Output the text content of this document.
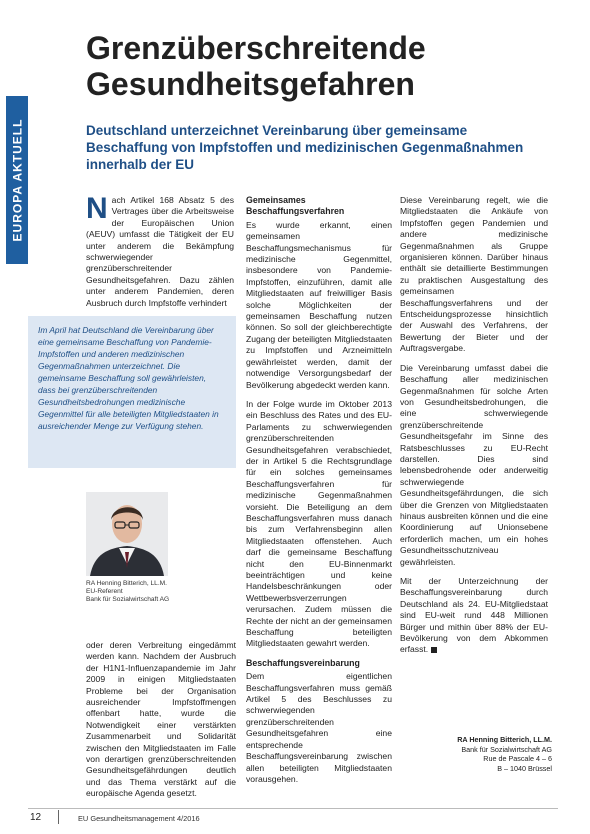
EUROPA AKTUELL
Grenzüberschreitende Gesundheitsgefahren
Deutschland unterzeichnet Vereinbarung über gemeinsame Beschaffung von Impfstoffen und medizinischen Gegenmaßnahmen innerhalb der EU

Nach Artikel 168 Absatz 5 des Vertrages über die Arbeitsweise der Europäischen Union (AEUV) umfasst die Tätigkeit der EU unter anderem die Bekämpfung schwerwiegender grenzüberschreitender Gesundheitsgefahren. Dazu zählen unter anderem Pandemien, deren Ausbruch durch Impfstoffe verhindert

Im April hat Deutschland die Vereinbarung über eine gemeinsame Beschaffung von Pandemie-Impfstoffen und anderen medizinischen Gegenmaßnahmen unterzeichnet. Die gemeinsame Beschaffung soll gewährleisten, dass bei grenzüberschreitenden Gesundheitsbedrohungen medizinische Gegenmittel für alle beteiligten Mitgliedstaaten in ausreichender Menge zur Verfügung stehen.
RA Henning Bitterich, LL.M.
EU-Referent
Bank für Sozialwirtschaft AG

oder deren Verbreitung eingedämmt werden kann. Nachdem der Ausbruch der H1N1-Influenzapandemie im Jahr 2009 in einigen Mitgliedstaaten Probleme bei der Organisation ausreichender Impfstoffmengen offenbart hatte, wurde die Notwendigkeit einer verstärkten Zusammenarbeit und Solidarität zwischen den Mitgliedstaaten im Falle von derartigen grenzüberschreitenden Gesundheitsgefährdungen deutlich und das Thema verstärkt auf die europäische Agenda gesetzt.

Gemeinsames Beschaffungsverfahren

Es wurde erkannt, einen gemeinsamen Beschaffungsmechanismus für medizinische Gegenmittel, insbesondere von Pandemie-Impfstoffen, einzuführen, damit alle Mitgliedstaaten auf freiwilliger Basis solche Möglichkeiten der gemeinsamen Beschaffung nutzen können. So soll der gleichberechtigte Zugang der beteiligten Mitgliedstaaten zu Impfstoffen und Arzneimitteln gewährleistet werden, damit der notwendige Versorgungsbedarf der Bevölkerung abgedeckt werden kann.

In der Folge wurde im Oktober 2013 ein Beschluss des Rates und des EU-Parlaments zu schwerwiegenden grenzüberschreitenden Gesundheitsgefahren verabschiedet, der in Artikel 5 die Rechtsgrundlage für ein solches gemeinsames Beschaffungsverfahren für medizinische Gegenmaßnahmen vorsieht. Die Beteiligung an dem Beschaffungsverfahren muss danach bis zum Verfahrensbeginn allen Mitgliedstaaten offenstehen. Auch darf die gemeinsame Beschaffung nicht den EU-Binnenmarkt beeinträchtigen und keine Handelsbeschränkungen oder Wettbewerbsverzerrungen verursachen. Zudem müssen die Rechte der nicht an der gemeinsamen Beschaffung beteiligten Mitgliedstaaten gewahrt werden.

Beschaffungsvereinbarung

Dem eigentlichen Beschaffungsverfahren muss gemäß Artikel 5 des Beschlusses zu schwerwiegenden grenzüberschreitenden Gesundheitsgefahren eine entsprechende Beschaffungsvereinbarung zwischen allen beteiligten Mitgliedstaaten vorausgehen.

Diese Vereinbarung regelt, wie die Mitgliedstaaten die Ankäufe von Impfstoffen gegen Pandemien und andere medizinische Gegenmaßnahmen als Gruppe organisieren können. Darüber hinaus enthält sie detaillierte Bestimmungen zu praktischen Ausgestaltung des gemeinsamen Beschaffungsverfahrens und der Entscheidungsprozesse hinsichtlich der Auswahl des Verfahrens, der Bewertung der Bieter und der Auftragsvergabe.

Die Vereinbarung umfasst dabei die Beschaffung aller medizinischen Gegenmaßnahmen für solche Arten von Gesundheitsbedrohungen, die eine schwerwiegende grenzüberschreitende Gesundheitsgefahr im Sinne des Ratsbeschlusses zu EU-Recht darstellen. Dies sind lebensbedrohende oder anderweitig schwerwiegende Gesundheitsgefährdungen, die sich über die Grenzen von Mitgliedstaaten hinaus ausbreiten können und die eine Koordinierung auf Unionsebene erforderlich machen, um ein hohes Gesundheitsschutzniveau gewährleisten.

Mit der Unterzeichnung der Beschaffungsvereinbarung durch Deutschland als 24. EU-Mitgliedstaat sind EU-weit rund 448 Millionen Bürger und mithin über 88% der EU-Bevölkerung von dem Abkommen erfasst.

RA Henning Bitterich, LL.M.
Bank für Sozialwirtschaft AG
Rue de Pascale 4 – 6
B – 1040 Brüssel
12	EU Gesundheitsmanagement 4/2016
